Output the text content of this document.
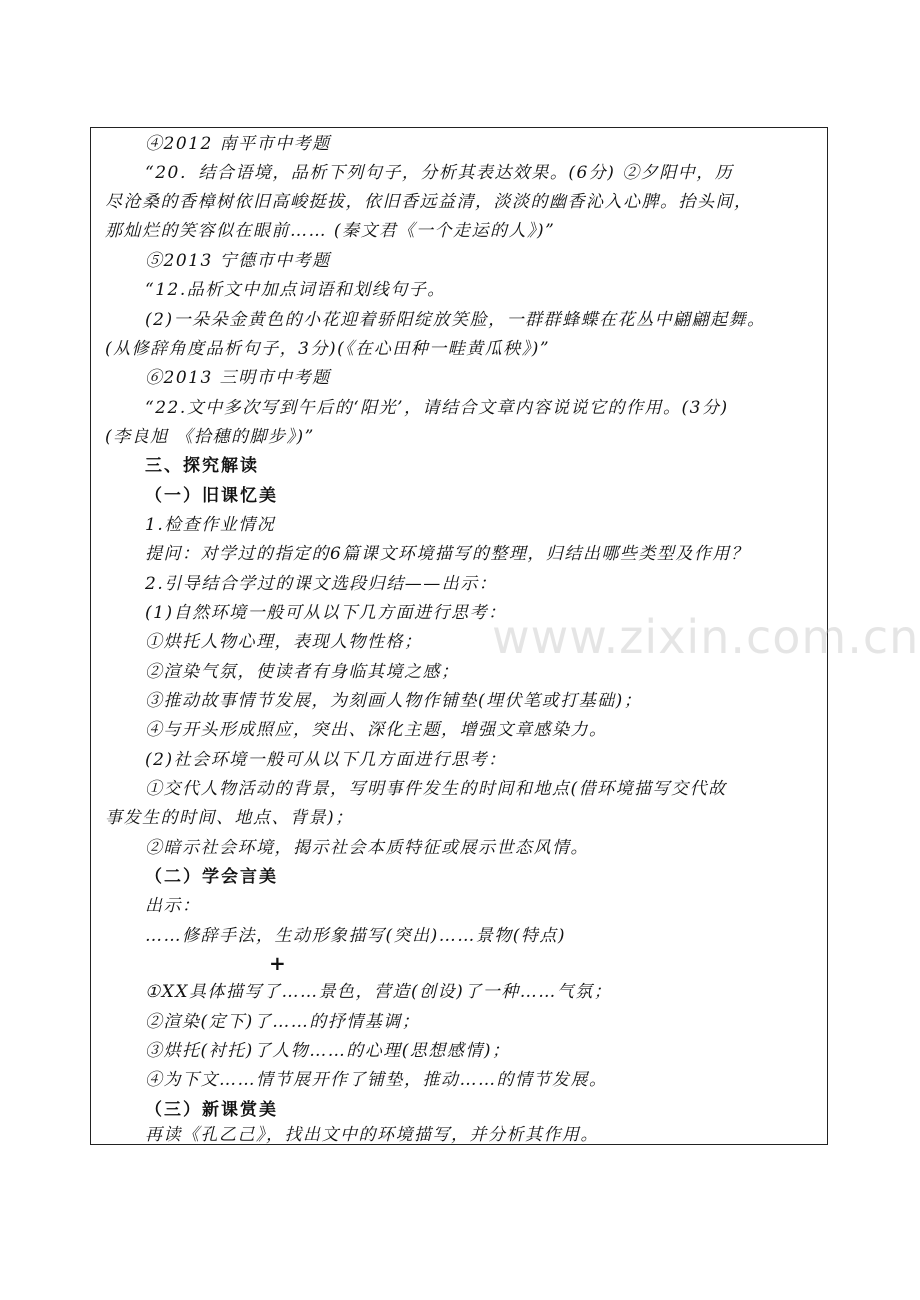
④2012 南平市中考题
“20．结合语境，品析下列句子，分析其表达效果。(6分) ②夕阳中，历
尽沧桑的香樟树依旧高峻挺拔，依旧香远益清，淡淡的幽香沁入心脾。抬头间，
那灿烂的笑容似在眼前…… (秦文君《一个走运的人》)”
⑤2013 宁德市中考题
“12.品析文中加点词语和划线句子。
(2)一朵朵金黄色的小花迎着骄阳绽放笑脸，一群群蜂蝶在花丛中翩翩起舞。
(从修辞角度品析句子，3分)(《在心田种一畦黄瓜秧》)”
⑥2013 三明市中考题
“22.文中多次写到午后的‘阳光’，请结合文章内容说说它的作用。(3分)
(李良旭 《拾穗的脚步》)”
三、探究解读
（一）旧课忆美
1.检查作业情况
提问：对学过的指定的6篇课文环境描写的整理，归结出哪些类型及作用？
2.引导结合学过的课文选段归结——出示：
(1)自然环境一般可从以下几方面进行思考：
①烘托人物心理，表现人物性格；
②渲染气氛，使读者有身临其境之感；
③推动故事情节发展，为刻画人物作铺垫(埋伏笔或打基础)；
④与开头形成照应，突出、深化主题，增强文章感染力。
(2)社会环境一般可从以下几方面进行思考：
①交代人物活动的背景，写明事件发生的时间和地点(借环境描写交代故
事发生的时间、地点、背景)；
②暗示社会环境，揭示社会本质特征或展示世态风情。
（二）学会言美
出示：
……修辞手法，生动形象描写(突出)……景物(特点)
+
①XX具体描写了……景色，营造(创设)了一种……气氛；
②渲染(定下)了……的抒情基调；
③烘托(衬托)了人物……的心理(思想感情)；
④为下文……情节展开作了铺垫，推动……的情节发展。
（三）新课赏美
再读《孔乙己》，找出文中的环境描写，并分析其作用。
www.zixin.com.cn
